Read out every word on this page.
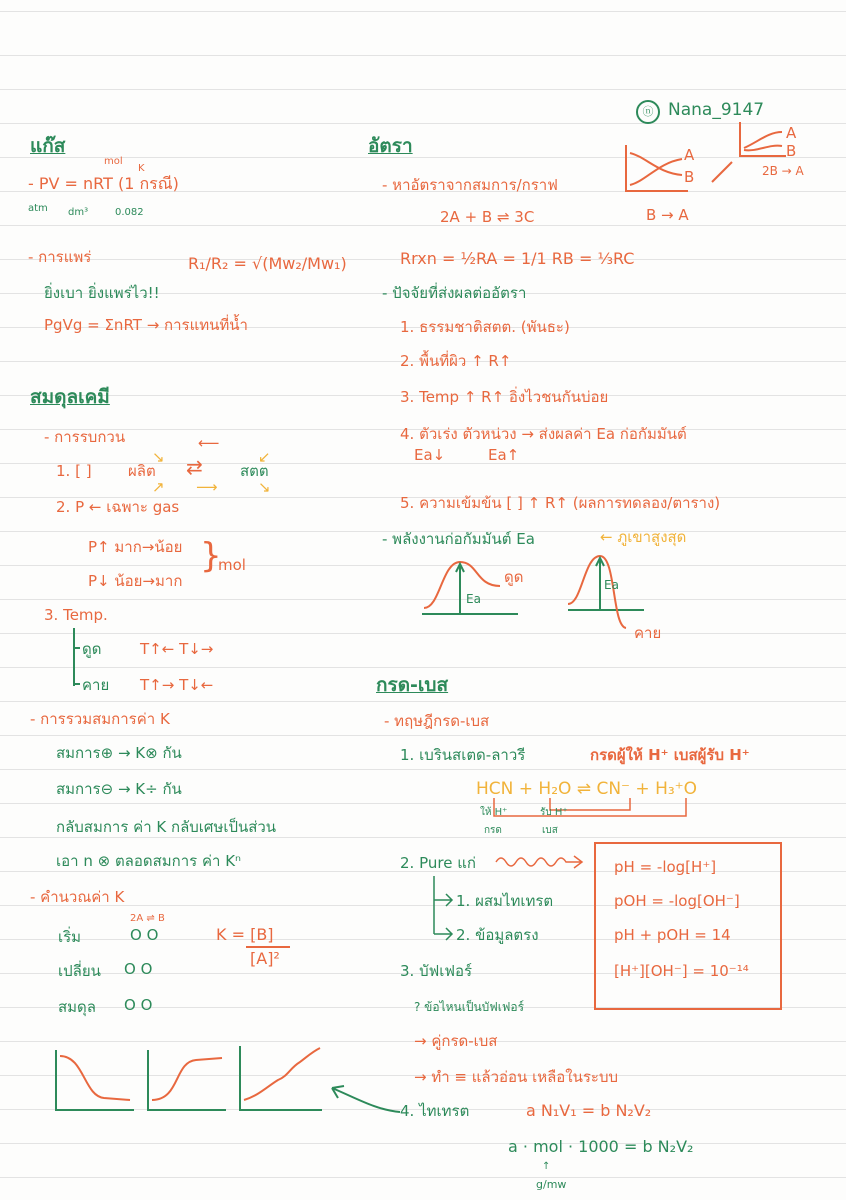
ⓝ Nana_9147
แก๊ส
mol
K
- PV = nRT (1 กรณี)
atm dm³	0.082
- การแพร่	R₁/R₂ = √(Mw₂/Mw₁)
ยิ่งเบา ยิ่งแพร่ไว!!
PgVg = ΣnRT → การแทนที่น้ำ
สมดุลเคมี
- การรบกวน
1. [ ] ผลิต ⇄ สตต
⟵
↘	↙
⟶
↗	↘
2. P ← เฉพาะ gas
P↑ มาก→น้อย
P↓ น้อย→มาก
}
mol
3. Temp.
ดูด	T↑← T↓→
คาย T↑→ T↓←
- การรวมสมการค่า K
สมการ⊕ → K⊗ กัน
สมการ⊖ → K÷ กัน
กลับสมการ ค่า K กลับเศษเป็นส่วน
เอา n ⊗ ตลอดสมการ ค่า Kⁿ
- คำนวณค่า K
2A ⇌ B
เริ่ม	O O
เปลี่ยน O O
สมดุล O O
K = [B]
[A]²
อัตรา
- หาอัตราจากสมการ/กราฟ
2A + B ⇌ 3C
Rrxn = ½RA = 1/1 RB = ⅓RC
A
B
B → A
A
B
2B → A
- ปัจจัยที่ส่งผลต่ออัตรา
1. ธรรมชาติสตต. (พันธะ)
2. พื้นที่ผิว ↑ R↑
3. Temp ↑ R↑ อิ่งไวชนกันบ่อย
4. ตัวเร่ง ตัวหน่วง → ส่งผลค่า Ea ก่อกัมมันต์
Ea↓	Ea↑
5. ความเข้มข้น [ ] ↑ R↑ (ผลการทดลอง/ตาราง)
- พลังงานก่อกัมมันต์ Ea	← ภูเขาสูงสุด
Ea
ดูด	Ea
คาย
กรด-เบส
- ทฤษฎีกรด-เบส
1. เบรินสเตด-ลาวรี	กรดผู้ให้ H⁺ เบสผู้รับ H⁺
HCN + H₂O ⇌ CN⁻ + H₃⁺O
ให้ H⁺
กรด
รับ H⁺
เบส
2. Pure แก่
1. ผสมไทเทรต
2. ข้อมูลตรง
pH = -log[H⁺]
pOH = -log[OH⁻]
pH + pOH = 14
[H⁺][OH⁻] = 10⁻¹⁴
3. บัฟเฟอร์
? ข้อไหนเป็นบัฟเฟอร์
→ คู่กรด-เบส
→ ทำ ≡ แล้วอ่อน เหลือในระบบ
4. ไทเทรต	a N₁V₁ = b N₂V₂
a · mol · 1000 = b N₂V₂
↑
g/mw
